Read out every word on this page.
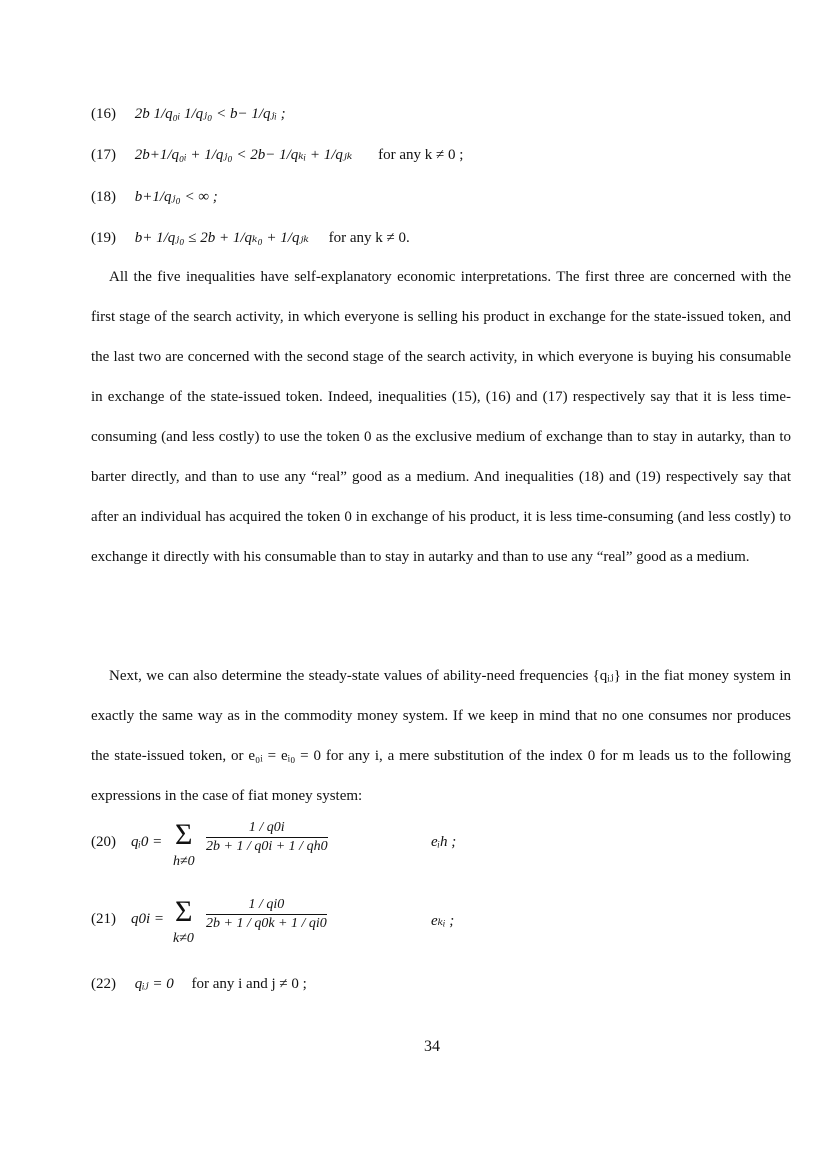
(16) 2b 1/q₀ᵢ 1/qⱼ₀ < b− 1/qⱼᵢ ;
(17) 2b+1/q₀ᵢ + 1/qⱼ₀ < 2b− 1/qₖᵢ + 1/qⱼₖ for any k ≠ 0 ;
(18) b+1/qⱼ₀ < ∞ ;
(19) b+ 1/qⱼ₀ ≤ 2b + 1/qₖ₀ + 1/qⱼₖ for any k ≠ 0.

All the five inequalities have self-explanatory economic interpretations. The first three are concerned with the first stage of the search activity, in which everyone is selling his product in exchange for the state-issued token, and the last two are concerned with the second stage of the search activity, in which everyone is buying his consumable in exchange of the state-issued token. Indeed, inequalities (15), (16) and (17) respectively say that it is less time-consuming (and less costly) to use the token 0 as the exclusive medium of exchange than to stay in autarky, than to barter directly, and than to use any “real” good as a medium. And inequalities (18) and (19) respectively say that after an individual has acquired the token 0 in exchange of his product, it is less time-consuming (and less costly) to exchange it directly with his consumable than to stay in autarky and than to use any “real” good as a medium.

Next, we can also determine the steady-state values of ability-need frequencies {qᵢⱼ} in the fiat money system in exactly the same way as in the commodity money system. If we keep in mind that no one consumes nor produces the state-issued token, or e₀ᵢ = eᵢ₀ = 0 for any i, a mere substitution of the index 0 for m leads us to the following expressions in the case of fiat money system:

(20) qᵢ0 = Σ
h≠0
$\frac{1 / q0i}{2b + 1 / q0i + 1 / qh0}$	eᵢh ;
(21) q0i = Σ
k≠0
$\frac{1 / qi0}{2b + 1 / q0k + 1 / qi0}$	eₖᵢ ;
(22) qᵢⱼ = 0 for any i and j ≠ 0 ;
34
